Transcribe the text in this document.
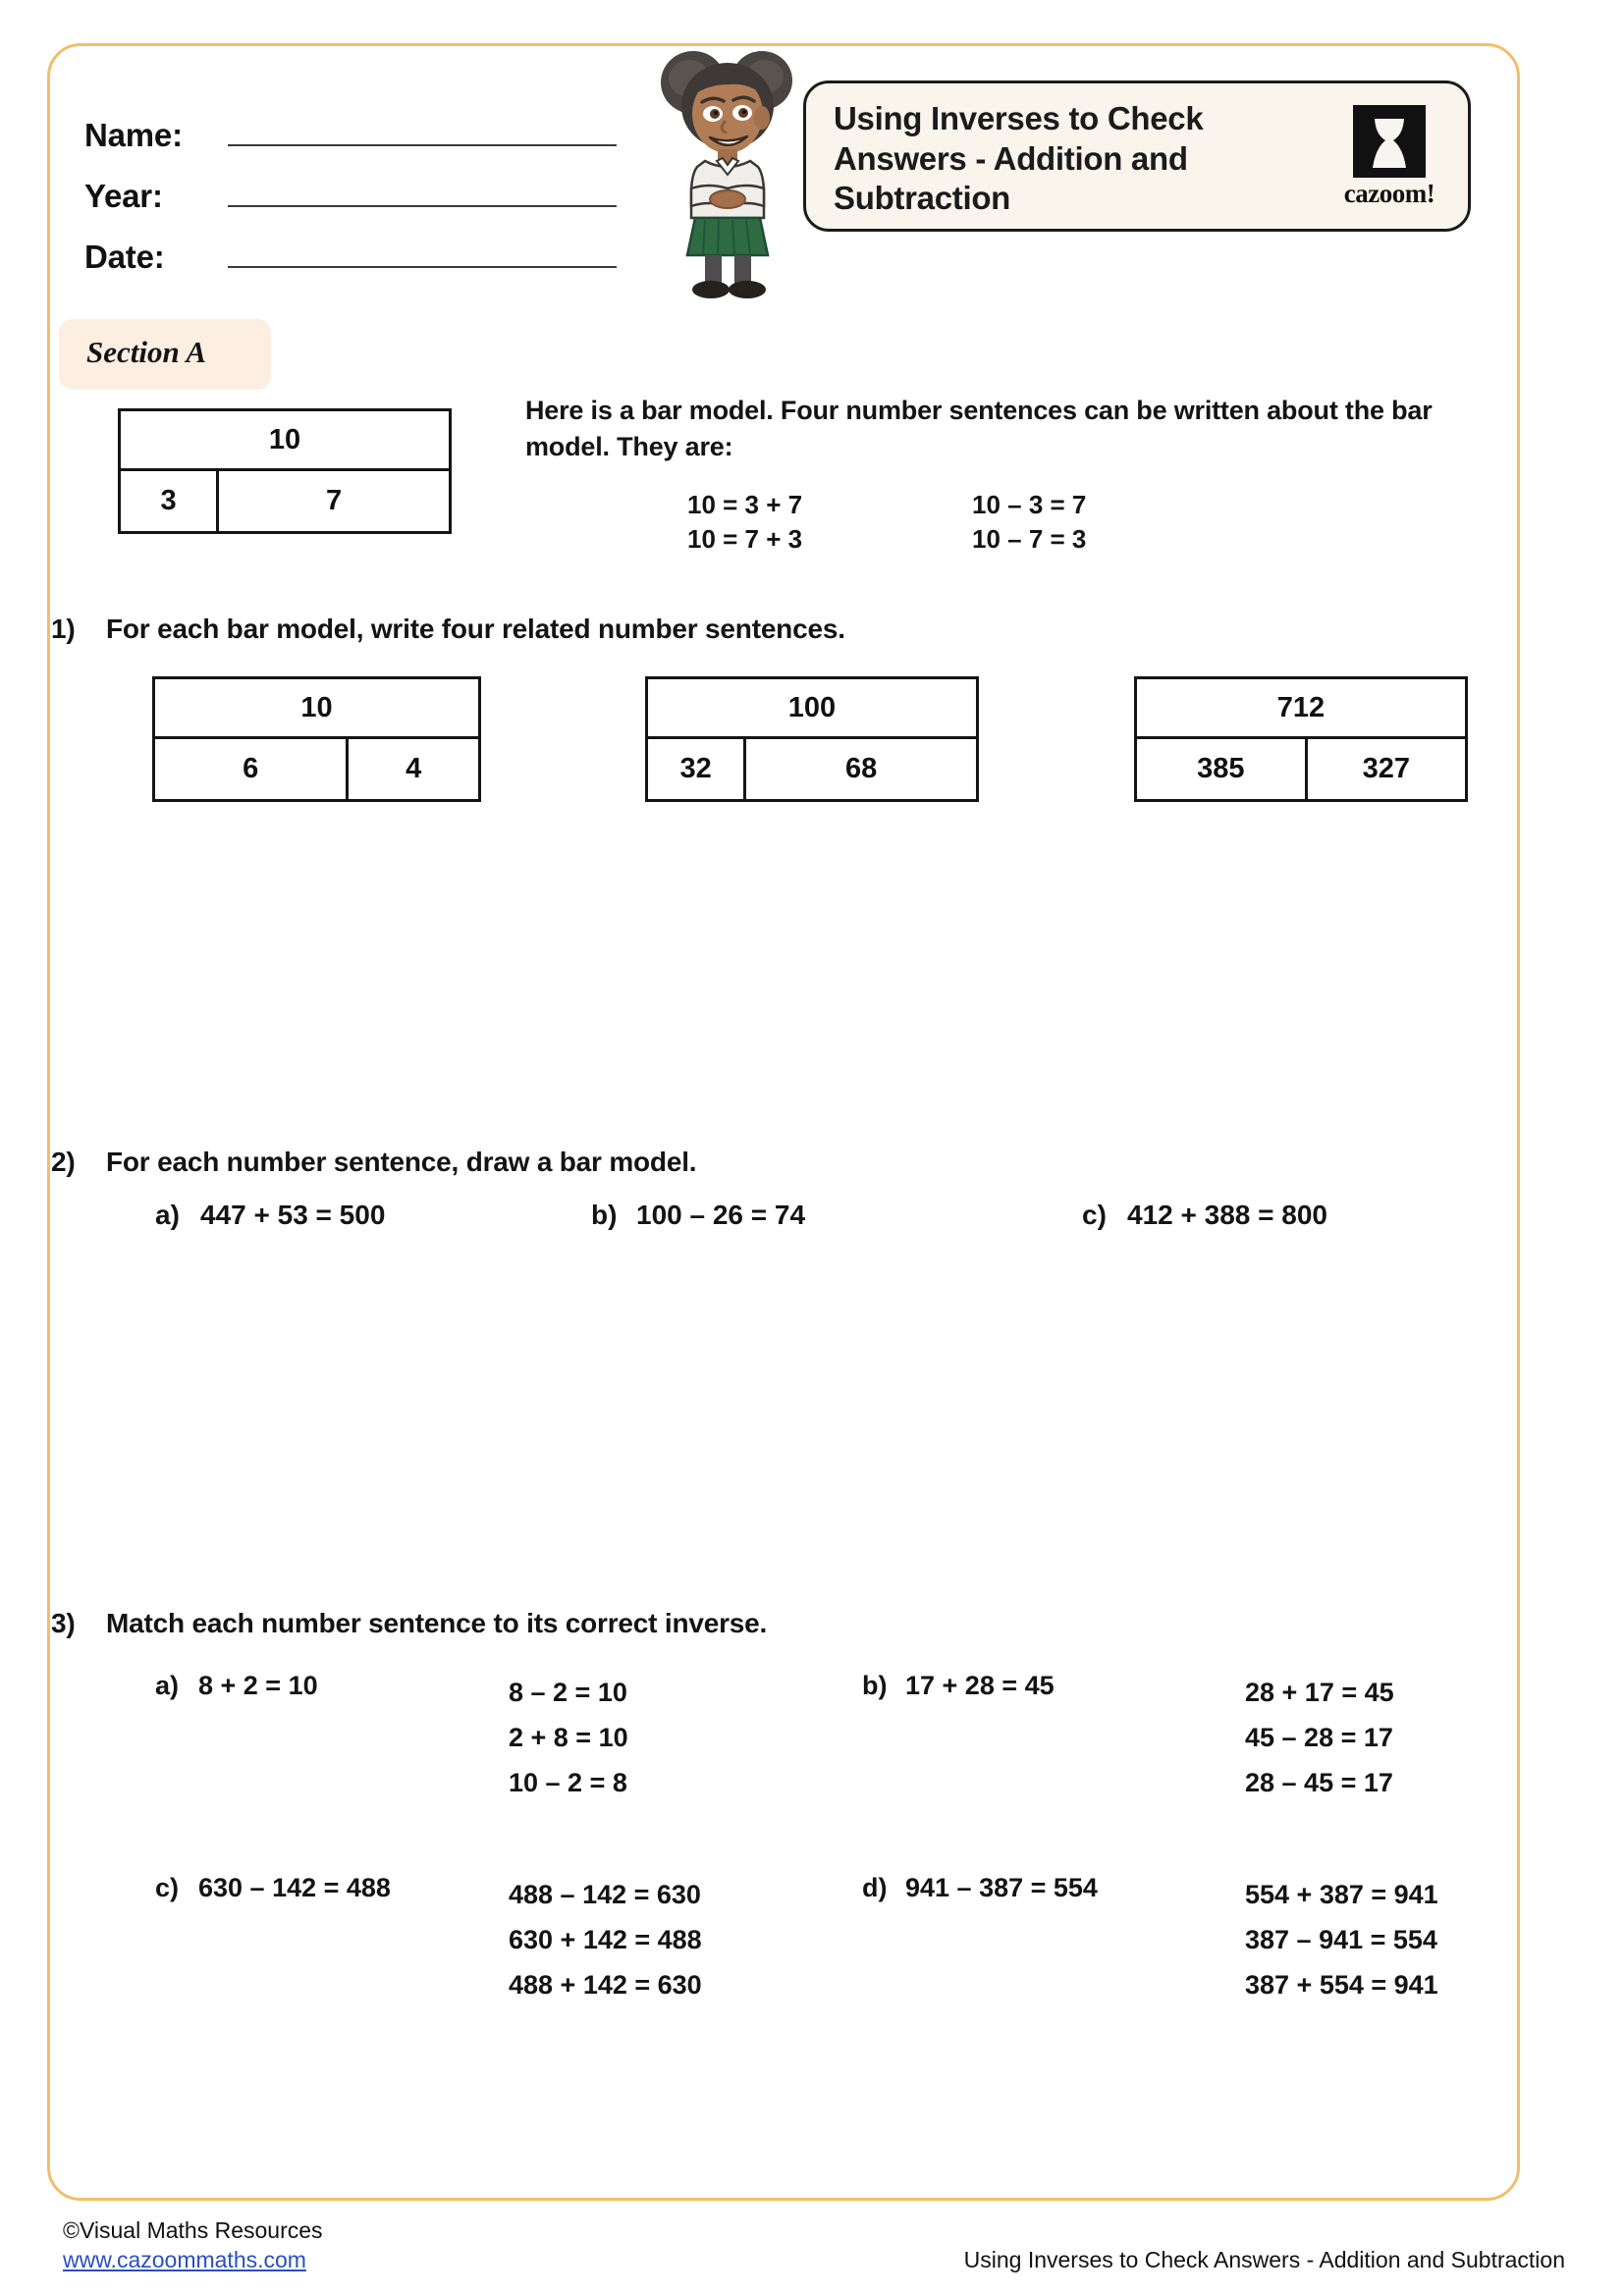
Name:
Year:
Date:
Using Inverses to Check Answers - Addition and Subtraction	cazoom!
Section A
10
3	7
Here is a bar model. Four number sentences can be written about the bar model. They are:
10 = 3 + 7	10 – 3 = 7
10 = 7 + 3	10 – 7 = 3
1)	For each bar model, write four related number sentences.
10
6	4
100
32	68
712
385	327
2)	For each number sentence, draw a bar model.
a) 447 + 53 = 500	b) 100 – 26 = 74	c) 412 + 388 = 800
3)	Match each number sentence to its correct inverse.
a) 8 + 2 = 10	8 – 2 = 10
2 + 8 = 10
10 – 2 = 8
b) 17 + 28 = 45	28 + 17 = 45
45 – 28 = 17
28 – 45 = 17
c) 630 – 142 = 488	488 – 142 = 630
630 + 142 = 488
488 + 142 = 630
d) 941 – 387 = 554	554 + 387 = 941
387 – 941 = 554
387 + 554 = 941
©Visual Maths Resources
www.cazoommaths.com	Using Inverses to Check Answers - Addition and Subtraction
